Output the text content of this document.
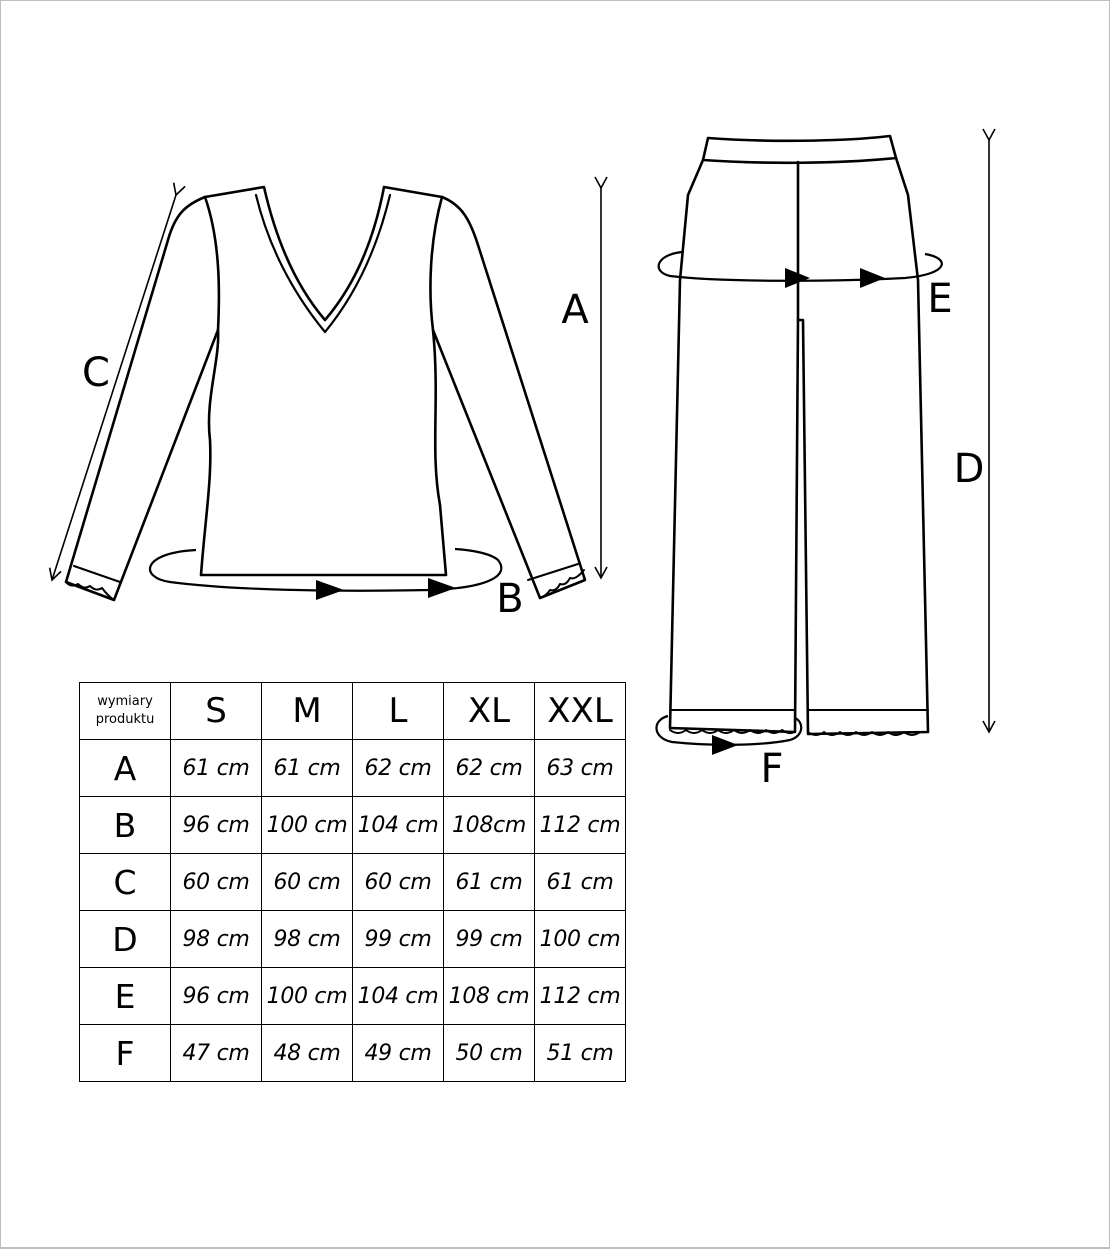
A
C
B
E
D
F
wymiary
produktu	S	M	L	XL	XXL
A	61 cm	61 cm	62 cm	62 cm	63 cm
B	96 cm	100 cm	104 cm	108cm	112 cm
C	60 cm	60 cm	60 cm	61 cm	61 cm
D	98 cm	98 cm	99 cm	99 cm	100 cm
E	96 cm	100 cm	104 cm	108 cm	112 cm
F	47 cm	48 cm	49 cm	50 cm	51 cm
